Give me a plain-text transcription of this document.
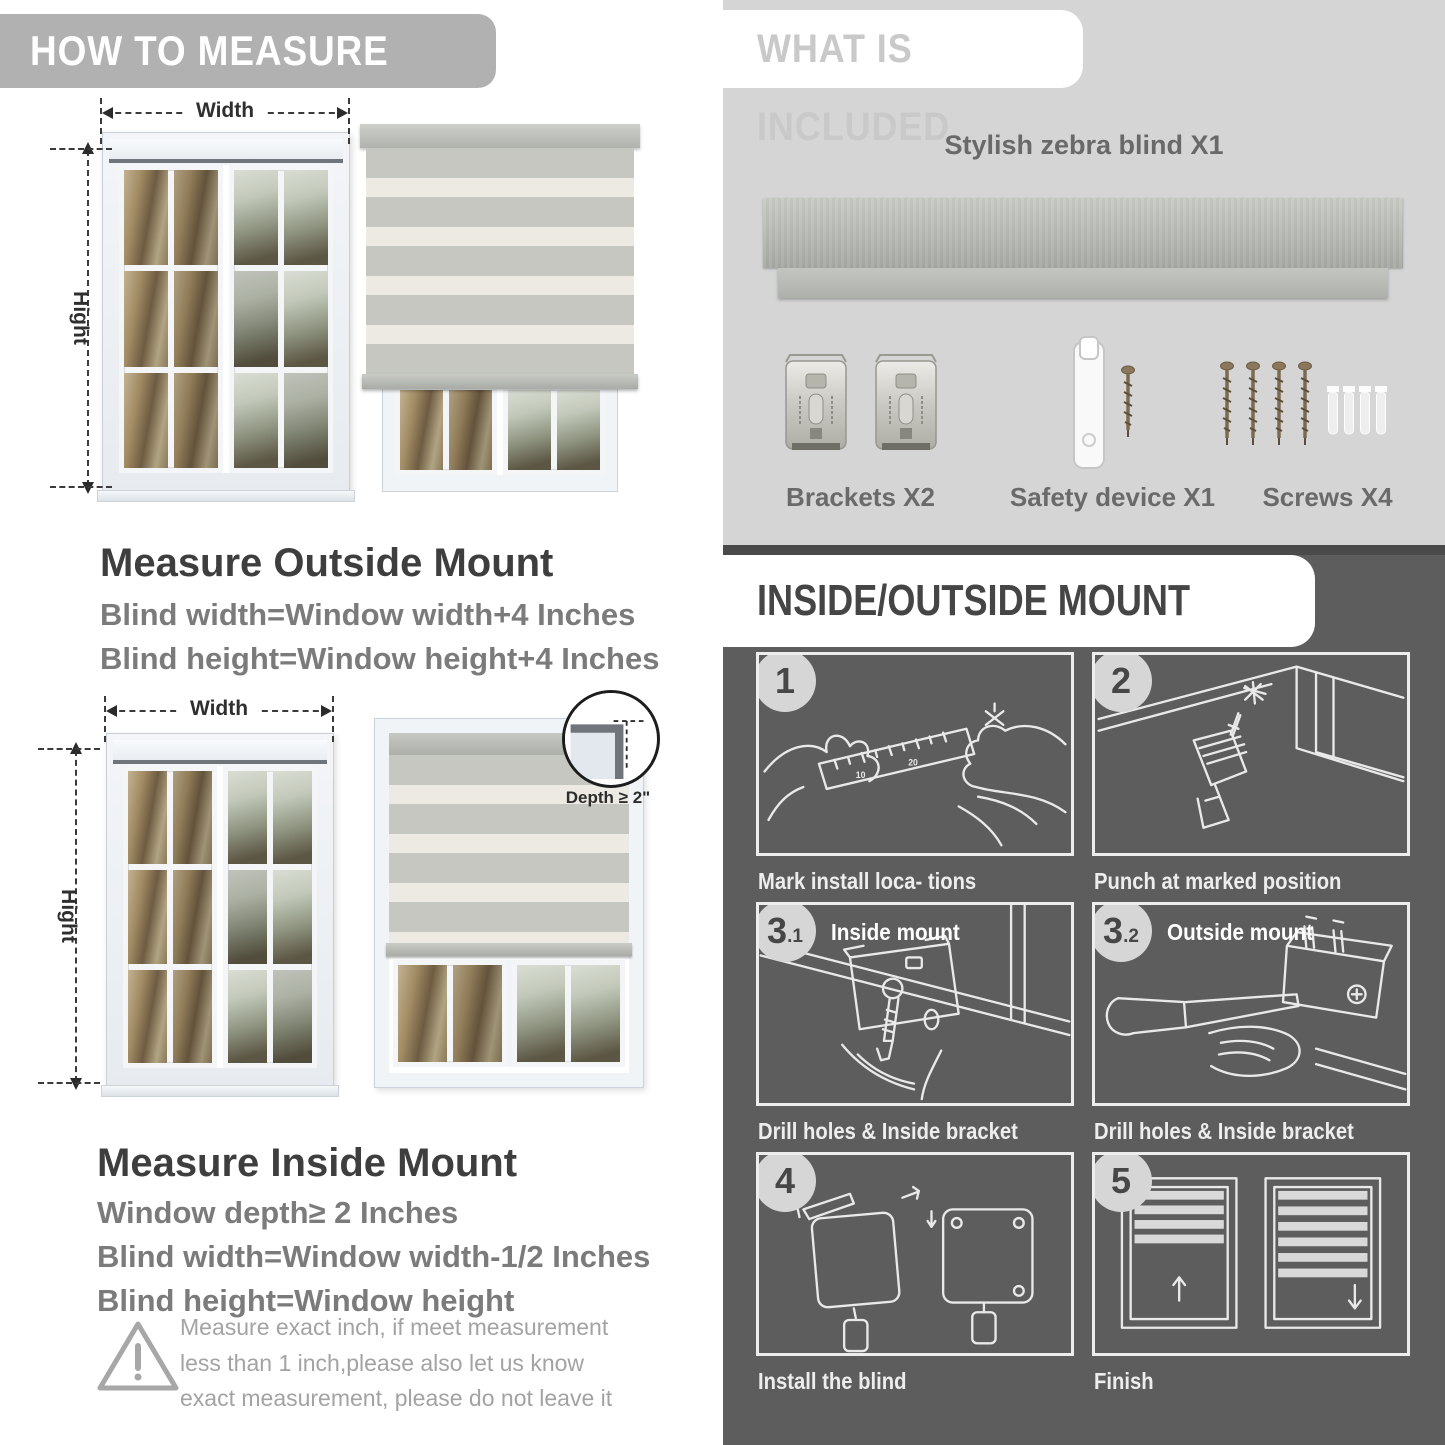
HOW TO MEASURE
Width
Hight
Measure Outside Mount

Blind width=Window width+4 Inches

Blind height=Window height+4 Inches

Width
Hight
Depth ≥ 2"
Measure Inside Mount

Window depth≥ 2 Inches

Blind width=Window width-1/2 Inches

Blind height=Window height

Measure exact inch, if meet measurement less than 1 inch,please also let us know exact measurement, please do not leave it

WHAT IS INCLUDED
Stylish zebra blind X1
Brackets X2	Safety device X1	Screws X4
INSIDE/OUTSIDE MOUNT
10
20
1

Mark install loca- tions

2

Punch at marked position

3 .1 Inside mount

Drill holes & Inside bracket

3 .2 Outside mount

Drill holes & Inside bracket

4

Install the blind

5

Finish
